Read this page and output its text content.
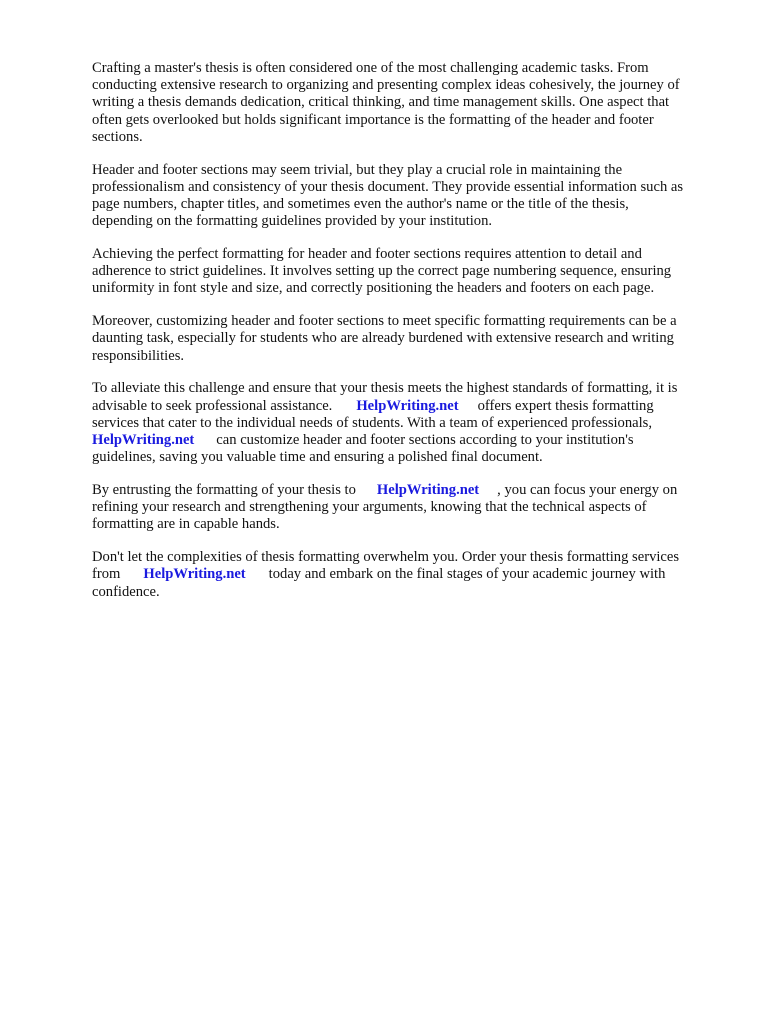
Crafting a master's thesis is often considered one of the most challenging academic tasks. From
conducting extensive research to organizing and presenting complex ideas cohesively, the journey of
writing a thesis demands dedication, critical thinking, and time management skills. One aspect that
often gets overlooked but holds significant importance is the formatting of the header and footer
sections.

Header and footer sections may seem trivial, but they play a crucial role in maintaining the
professionalism and consistency of your thesis document. They provide essential information such as
page numbers, chapter titles, and sometimes even the author's name or the title of the thesis,
depending on the formatting guidelines provided by your institution.

Achieving the perfect formatting for header and footer sections requires attention to detail and
adherence to strict guidelines. It involves setting up the correct page numbering sequence, ensuring
uniformity in font style and size, and correctly positioning the headers and footers on each page.

Moreover, customizing header and footer sections to meet specific formatting requirements can be a
daunting task, especially for students who are already burdened with extensive research and writing
responsibilities.

To alleviate this challenge and ensure that your thesis meets the highest standards of formatting, it is
advisable to seek professional assistance. HelpWriting.net offers expert thesis formatting
services that cater to the individual needs of students. With a team of experienced professionals,
HelpWriting.net can customize header and footer sections according to your institution's
guidelines, saving you valuable time and ensuring a polished final document.

By entrusting the formatting of your thesis to HelpWriting.net , you can focus your energy on
refining your research and strengthening your arguments, knowing that the technical aspects of
formatting are in capable hands.

Don't let the complexities of thesis formatting overwhelm you. Order your thesis formatting services
from HelpWriting.net today and embark on the final stages of your academic journey with
confidence.
